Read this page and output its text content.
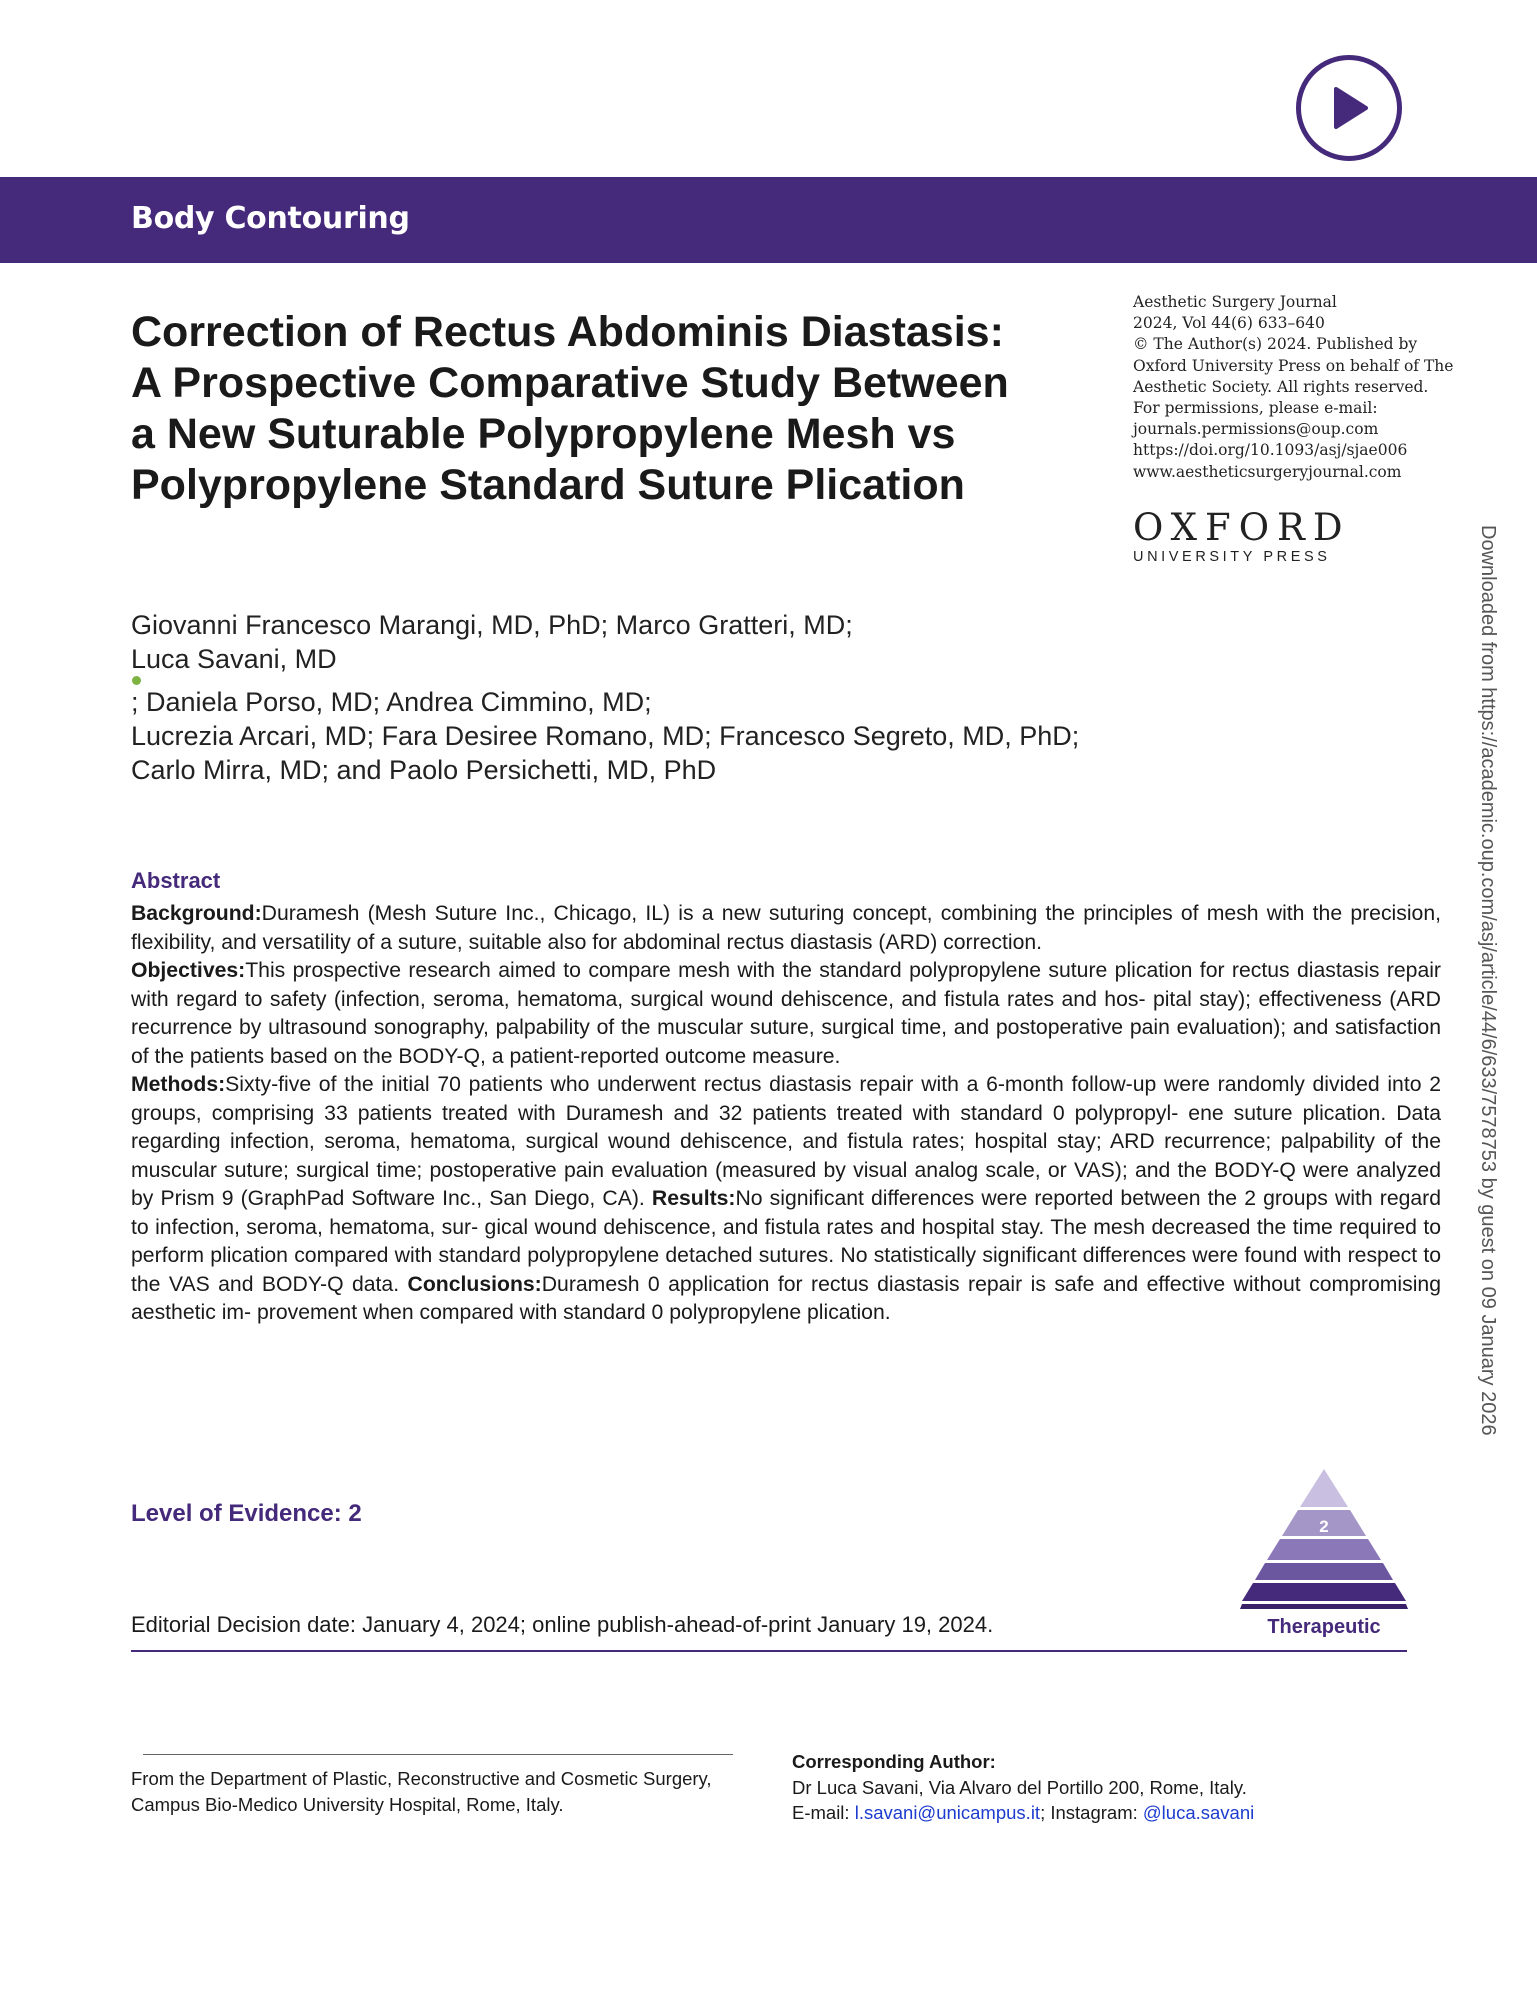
Body Contouring
Correction of Rectus Abdominis Diastasis:
A Prospective Comparative Study Between
a New Suturable Polypropylene Mesh vs
Polypropylene Standard Suture Plication
Aesthetic Surgery Journal
2024, Vol 44(6) 633–640
© The Author(s) 2024. Published by
Oxford University Press on behalf of The
Aesthetic Society. All rights reserved.
For permissions, please e-mail:
journals.permissions@oup.com
https://doi.org/10.1093/asj/sjae006
www.aestheticsurgeryjournal.com
OXFORD
UNIVERSITY PRESS
Giovanni Francesco Marangi, MD, PhD; Marco Gratteri, MD;
Luca Savani, MD
; Daniela Porso, MD; Andrea Cimmino, MD;
Lucrezia Arcari, MD; Fara Desiree Romano, MD; Francesco Segreto, MD, PhD;
Carlo Mirra, MD; and Paolo Persichetti, MD, PhD	Downloaded from https://academic.oup.com/asj/article/44/6/633/7578753 by guest on 09 January 2026
Abstract

Background:Duramesh (Mesh Suture Inc., Chicago, IL) is a new suturing concept, combining the principles of mesh with the precision, flexibility, and versatility of a suture, suitable also for abdominal rectus diastasis (ARD) correction.
Objectives:This prospective research aimed to compare mesh with the standard polypropylene suture plication for rectus diastasis repair with regard to safety (infection, seroma, hematoma, surgical wound dehiscence, and fistula rates and hos- pital stay); effectiveness (ARD recurrence by ultrasound sonography, palpability of the muscular suture, surgical time, and postoperative pain evaluation); and satisfaction of the patients based on the BODY-Q, a patient-reported outcome measure.
Methods:Sixty-five of the initial 70 patients who underwent rectus diastasis repair with a 6-month follow-up were randomly divided into 2 groups, comprising 33 patients treated with Duramesh and 32 patients treated with standard 0 polypropyl- ene suture plication. Data regarding infection, seroma, hematoma, surgical wound dehiscence, and fistula rates; hospital stay; ARD recurrence; palpability of the muscular suture; surgical time; postoperative pain evaluation (measured by visual analog scale, or VAS); and the BODY-Q were analyzed by Prism 9 (GraphPad Software Inc., San Diego, CA). Results:No significant differences were reported between the 2 groups with regard to infection, seroma, hematoma, sur- gical wound dehiscence, and fistula rates and hospital stay. The mesh decreased the time required to perform plication compared with standard polypropylene detached sutures. No statistically significant differences were found with respect to the VAS and BODY-Q data. Conclusions:Duramesh 0 application for rectus diastasis repair is safe and effective without compromising aesthetic im- provement when compared with standard 0 polypropylene plication.

Level of Evidence: 2	2
Therapeutic
Editorial Decision date: January 4, 2024; online publish-ahead-of-print January 19, 2024.
From the Department of Plastic, Reconstructive and Cosmetic Surgery,
Campus Bio-Medico University Hospital, Rome, Italy.
Corresponding Author:
Dr Luca Savani, Via Alvaro del Portillo 200, Rome, Italy.
E-mail: l.savani@unicampus.it; Instagram: @luca.savani
